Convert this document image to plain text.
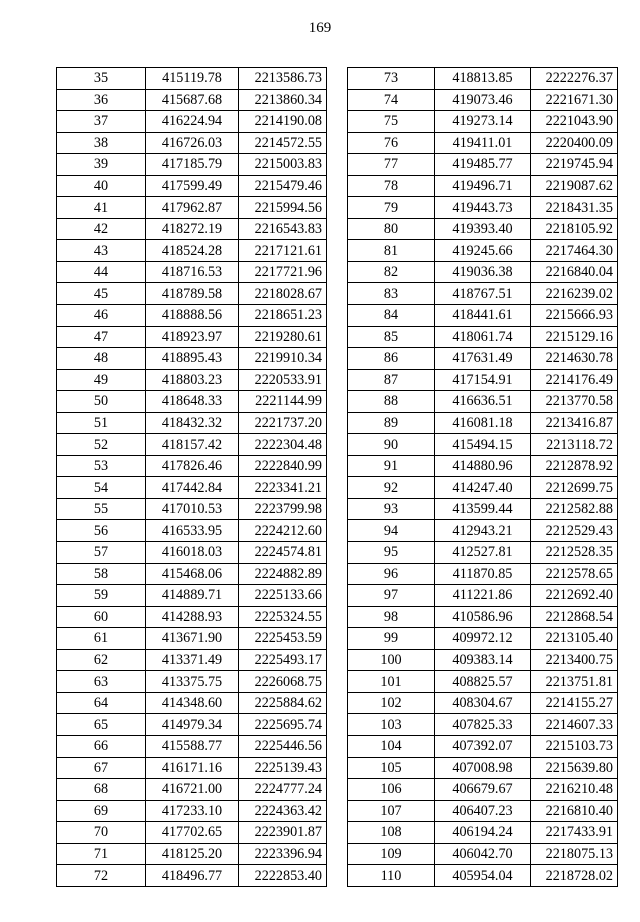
169
35	415119.78	2213586.73
36	415687.68	2213860.34
37	416224.94	2214190.08
38	416726.03	2214572.55
39	417185.79	2215003.83
40	417599.49	2215479.46
41	417962.87	2215994.56
42	418272.19	2216543.83
43	418524.28	2217121.61
44	418716.53	2217721.96
45	418789.58	2218028.67
46	418888.56	2218651.23
47	418923.97	2219280.61
48	418895.43	2219910.34
49	418803.23	2220533.91
50	418648.33	2221144.99
51	418432.32	2221737.20
52	418157.42	2222304.48
53	417826.46	2222840.99
54	417442.84	2223341.21
55	417010.53	2223799.98
56	416533.95	2224212.60
57	416018.03	2224574.81
58	415468.06	2224882.89
59	414889.71	2225133.66
60	414288.93	2225324.55
61	413671.90	2225453.59
62	413371.49	2225493.17
63	413375.75	2226068.75
64	414348.60	2225884.62
65	414979.34	2225695.74
66	415588.77	2225446.56
67	416171.16	2225139.43
68	416721.00	2224777.24
69	417233.10	2224363.42
70	417702.65	2223901.87
71	418125.20	2223396.94
72	418496.77	2222853.40
73	418813.85	2222276.37
74	419073.46	2221671.30
75	419273.14	2221043.90
76	419411.01	2220400.09
77	419485.77	2219745.94
78	419496.71	2219087.62
79	419443.73	2218431.35
80	419393.40	2218105.92
81	419245.66	2217464.30
82	419036.38	2216840.04
83	418767.51	2216239.02
84	418441.61	2215666.93
85	418061.74	2215129.16
86	417631.49	2214630.78
87	417154.91	2214176.49
88	416636.51	2213770.58
89	416081.18	2213416.87
90	415494.15	2213118.72
91	414880.96	2212878.92
92	414247.40	2212699.75
93	413599.44	2212582.88
94	412943.21	2212529.43
95	412527.81	2212528.35
96	411870.85	2212578.65
97	411221.86	2212692.40
98	410586.96	2212868.54
99	409972.12	2213105.40
100	409383.14	2213400.75
101	408825.57	2213751.81
102	408304.67	2214155.27
103	407825.33	2214607.33
104	407392.07	2215103.73
105	407008.98	2215639.80
106	406679.67	2216210.48
107	406407.23	2216810.40
108	406194.24	2217433.91
109	406042.70	2218075.13
110	405954.04	2218728.02
